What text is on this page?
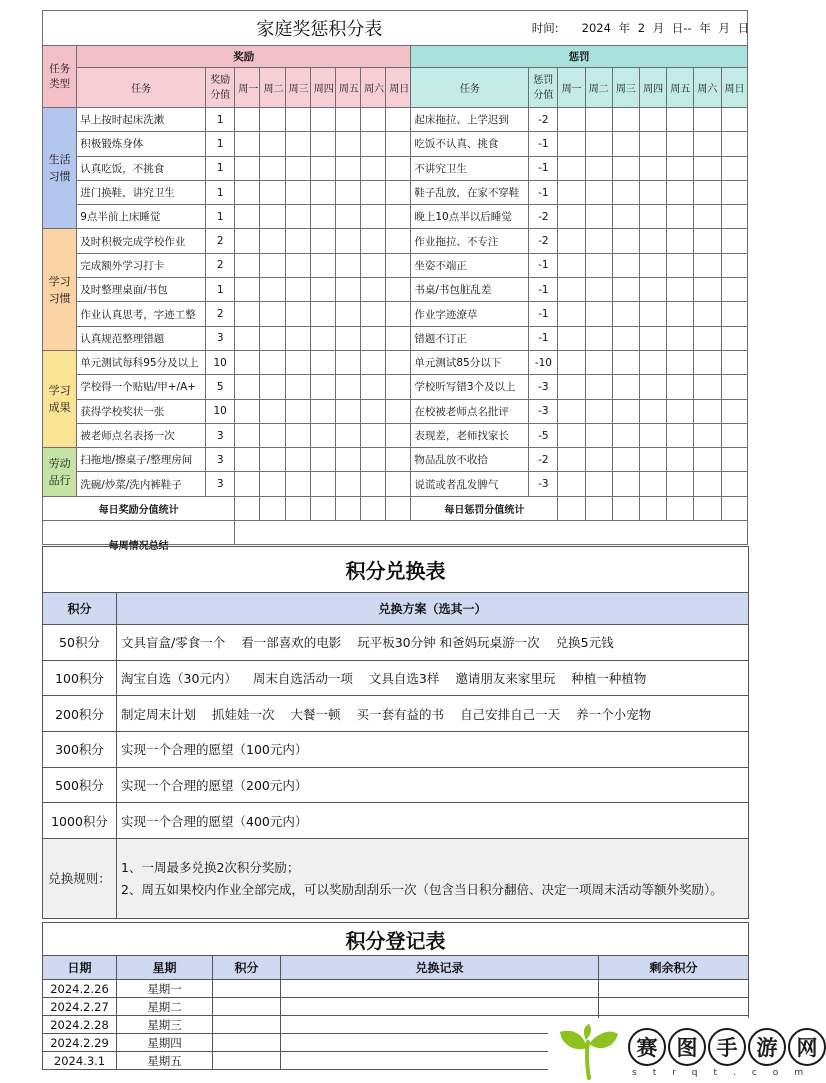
家庭奖惩积分表											时间: 2024 年 2 月 日-- 年 月 日							
任务类型	奖励									惩罚								
	任务	奖励分值	周一	周二	周三	周四	周五	周六	周日	任务	惩罚分值	周一	周二	周三	周四	周五	周六	周日
生活习惯	早上按时起床洗漱	1								起床拖拉、上学迟到	-2							
	积极锻炼身体	1								吃饭不认真、挑食	-1							
	认真吃饭，不挑食	1								不讲究卫生	-1							
	进门换鞋，讲究卫生	1								鞋子乱放，在家不穿鞋	-1							
	9点半前上床睡觉	1								晚上10点半以后睡觉	-2							
学习习惯	及时积极完成学校作业	2								作业拖拉、不专注	-2							
	完成额外学习打卡	2								坐姿不端正	-1							
	及时整理桌面/书包	1								书桌/书包脏乱差	-1							
	作业认真思考，字迹工整	2								作业字迹潦草	-1							
	认真规范整理错题	3								错题不订正	-1							
学习成果	单元测试每科95分及以上	10								单元测试85分以下	-10							
	学校得一个贴贴/甲+/A+	5								学校听写错3个及以上	-3							
	获得学校奖状一张	10								在校被老师点名批评	-3							
	被老师点名表扬一次	3								表现差，老师找家长	-5							
劳动品行	扫拖地/擦桌子/整理房间	3								物品乱放不收拾	-2							
	洗碗/炒菜/洗内裤鞋子	3								说谎或者乱发脾气	-3							
每日奖励分值统计										每日惩罚分值统计								
每周情况总结																		
积分兑换表	
积分	兑换方案（选其一）
50积分	文具盲盒/零食一个 看一部喜欢的电影 玩平板30分钟 和爸妈玩桌游一次 兑换5元钱
100积分	淘宝自选（30元内） 周末自选活动一项 文具自选3样 邀请朋友来家里玩 种植一种植物
200积分	制定周末计划 抓娃娃一次 大餐一顿 买一套有益的书 自己安排自己一天 养一个小宠物
300积分	实现一个合理的愿望（100元内）
500积分	实现一个合理的愿望（200元内）
1000积分	实现一个合理的愿望（400元内）
兑换规则：	1、一周最多兑换2次积分奖励；
2、周五如果校内作业全部完成，可以奖励刮刮乐一次（包含当日积分翻倍、决定一项周末活动等额外奖励）。
积分登记表				
日期	星期	积分	兑换记录	剩余积分
2024.2.26	星期一			
2024.2.27	星期二			
2024.2.28	星期三			
2024.2.29	星期四			
2024.3.1	星期五			
赛 图 手 游 网
strqt.com
